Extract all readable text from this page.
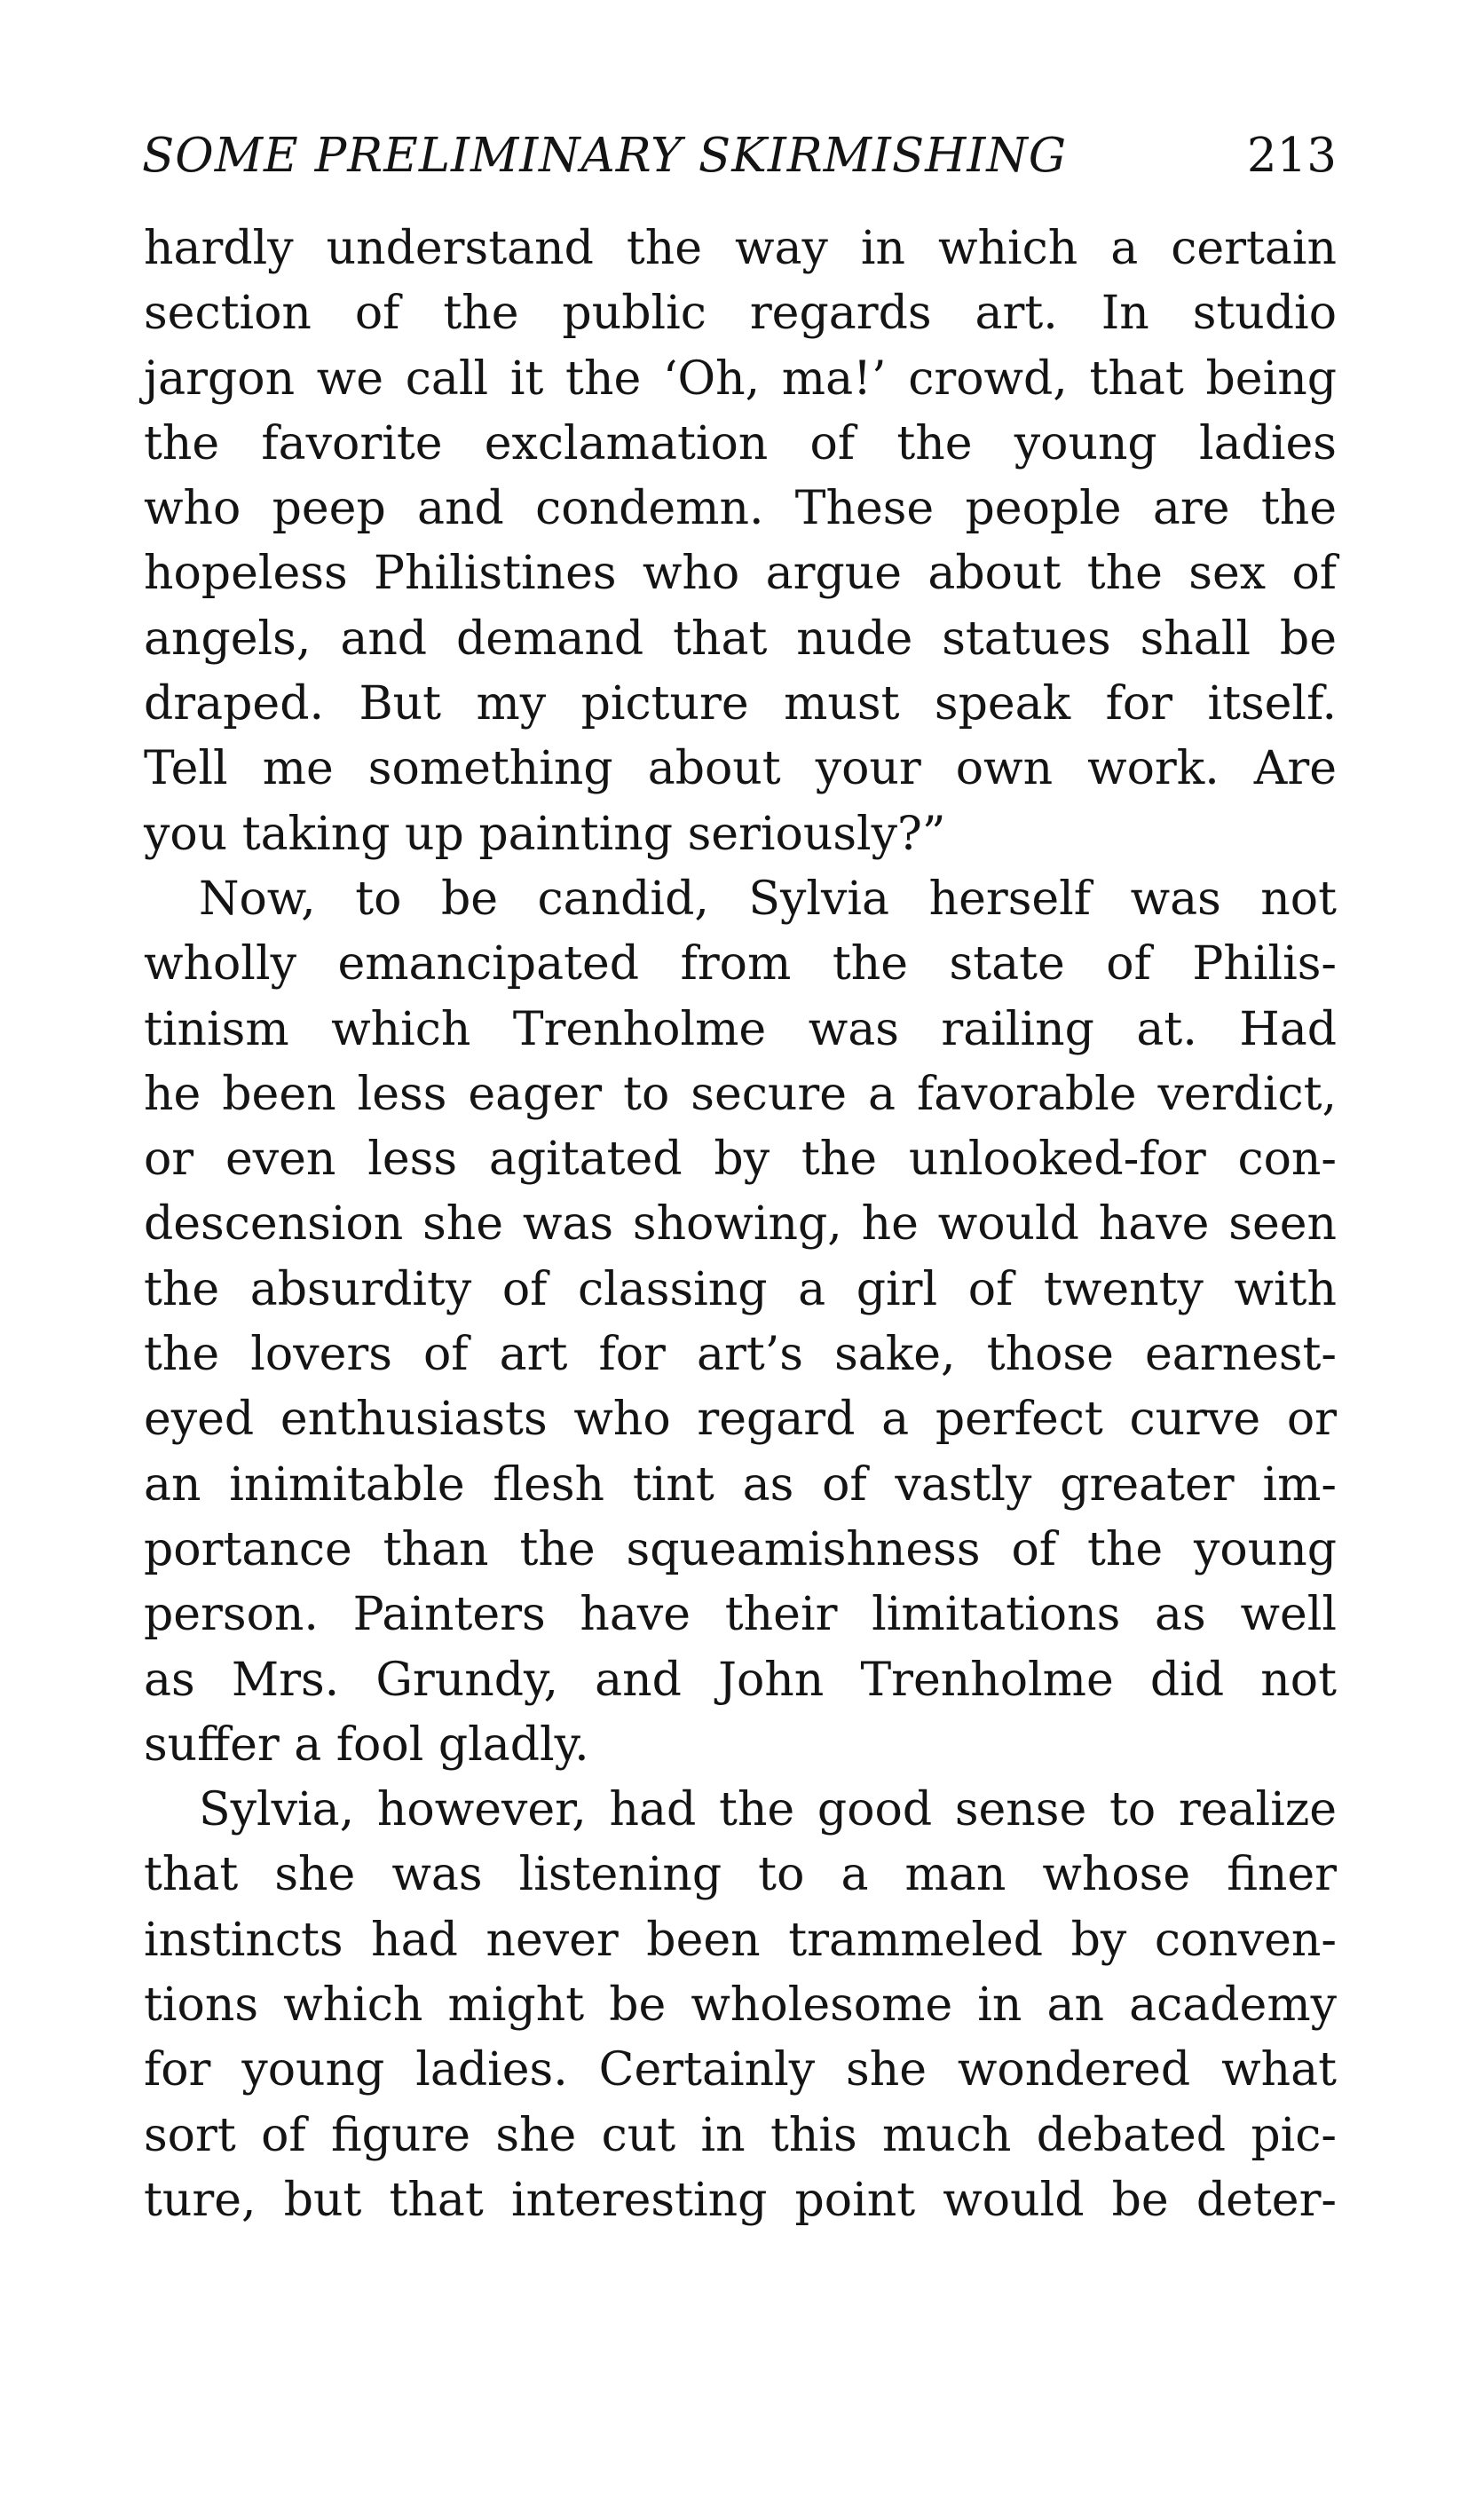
SOME PRELIMINARY SKIRMISHING	213
hardly understand the way in which a certain
section of the public regards art. In studio
jargon we call it the ‘Oh, ma!’ crowd, that being
the favorite exclamation of the young ladies
who peep and condemn. These people are the
hopeless Philistines who argue about the sex of
angels, and demand that nude statues shall be
draped. But my picture must speak for itself.
Tell me something about your own work. Are
you taking up painting seriously?”
Now, to be candid, Sylvia herself was not
wholly emancipated from the state of Philis-
tinism which Trenholme was railing at. Had
he been less eager to secure a favorable verdict,
or even less agitated by the unlooked-for con-
descension she was showing, he would have seen
the absurdity of classing a girl of twenty with
the lovers of art for art’s sake, those earnest-
eyed enthusiasts who regard a perfect curve or
an inimitable flesh tint as of vastly greater im-
portance than the squeamishness of the young
person. Painters have their limitations as well
as Mrs. Grundy, and John Trenholme did not
suffer a fool gladly.
Sylvia, however, had the good sense to realize
that she was listening to a man whose finer
instincts had never been trammeled by conven-
tions which might be wholesome in an academy
for young ladies. Certainly she wondered what
sort of figure she cut in this much debated pic-
ture, but that interesting point would be deter-
